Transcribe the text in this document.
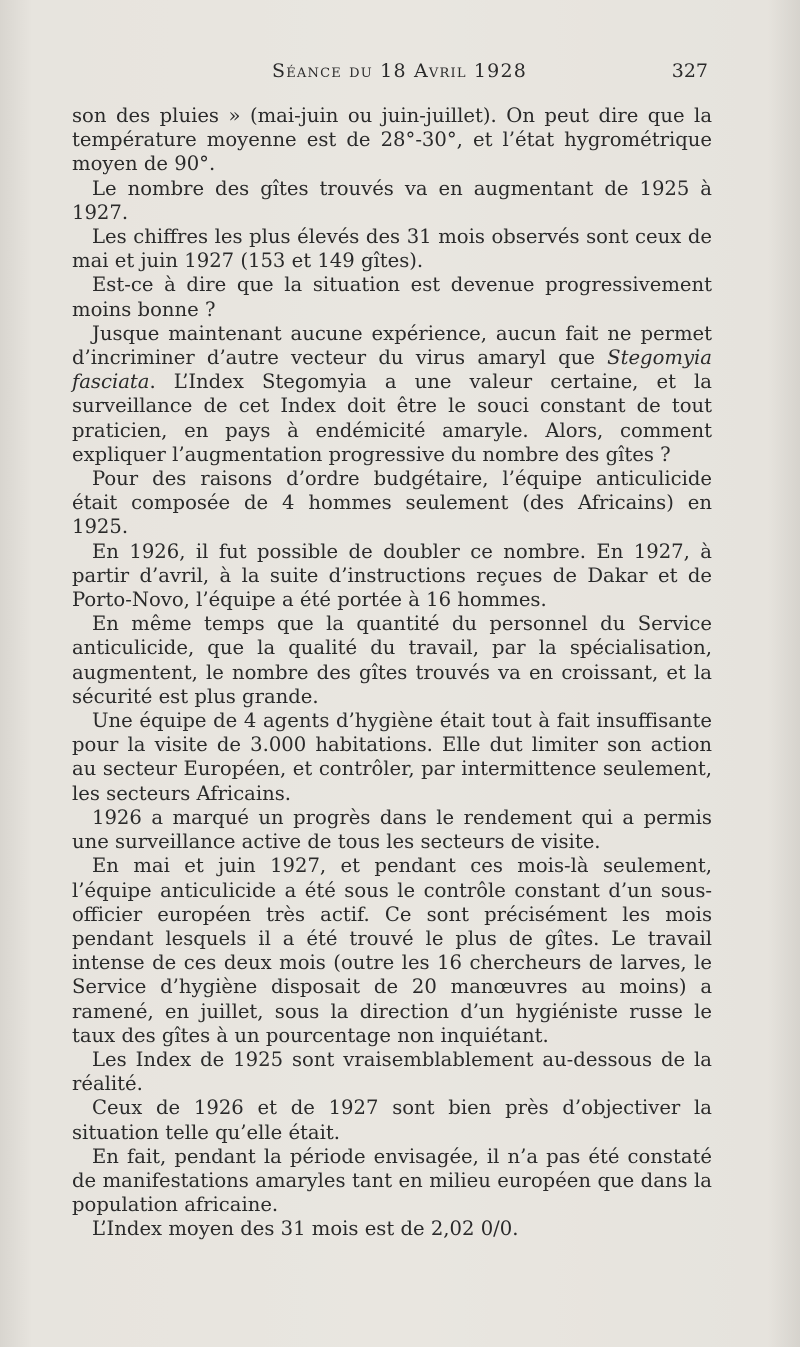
Séance du 18 Avril 1928	327

son des pluies » (mai-juin ou juin-juillet). On peut dire que la température moyenne est de 28°-30°, et l’état hygrométrique moyen de 90°.

Le nombre des gîtes trouvés va en augmentant de 1925 à 1927.

Les chiffres les plus élevés des 31 mois observés sont ceux de mai et juin 1927 (153 et 149 gîtes).

Est-ce à dire que la situation est devenue progressivement moins bonne ?

Jusque maintenant aucune expérience, aucun fait ne permet d’incriminer d’autre vecteur du virus amaryl que Stegomyia fasciata. L’Index Stegomyia a une valeur certaine, et la surveillance de cet Index doit être le souci constant de tout praticien, en pays à endémicité amaryle. Alors, comment expliquer l’augmentation progressive du nombre des gîtes ?

Pour des raisons d’ordre budgétaire, l’équipe anticulicide était composée de 4 hommes seulement (des Africains) en 1925.

En 1926, il fut possible de doubler ce nombre. En 1927, à partir d’avril, à la suite d’instructions reçues de Dakar et de Porto-Novo, l’équipe a été portée à 16 hommes.

En même temps que la quantité du personnel du Service anticulicide, que la qualité du travail, par la spécialisation, augmentent, le nombre des gîtes trouvés va en croissant, et la sécurité est plus grande.

Une équipe de 4 agents d’hygiène était tout à fait insuffisante pour la visite de 3.000 habitations. Elle dut limiter son action au secteur Européen, et contrôler, par intermittence seulement, les secteurs Africains.

1926 a marqué un progrès dans le rendement qui a permis une surveillance active de tous les secteurs de visite.

En mai et juin 1927, et pendant ces mois-là seulement, l’équipe anticulicide a été sous le contrôle constant d’un sous-officier européen très actif. Ce sont précisément les mois pendant lesquels il a été trouvé le plus de gîtes. Le travail intense de ces deux mois (outre les 16 chercheurs de larves, le Service d’hygiène disposait de 20 manœuvres au moins) a ramené, en juillet, sous la direction d’un hygiéniste russe le taux des gîtes à un pourcentage non inquiétant.

Les Index de 1925 sont vraisemblablement au-dessous de la réalité.

Ceux de 1926 et de 1927 sont bien près d’objectiver la situation telle qu’elle était.

En fait, pendant la période envisagée, il n’a pas été constaté de manifestations amaryles tant en milieu européen que dans la population africaine.

L’Index moyen des 31 mois est de 2,02 0/0.
